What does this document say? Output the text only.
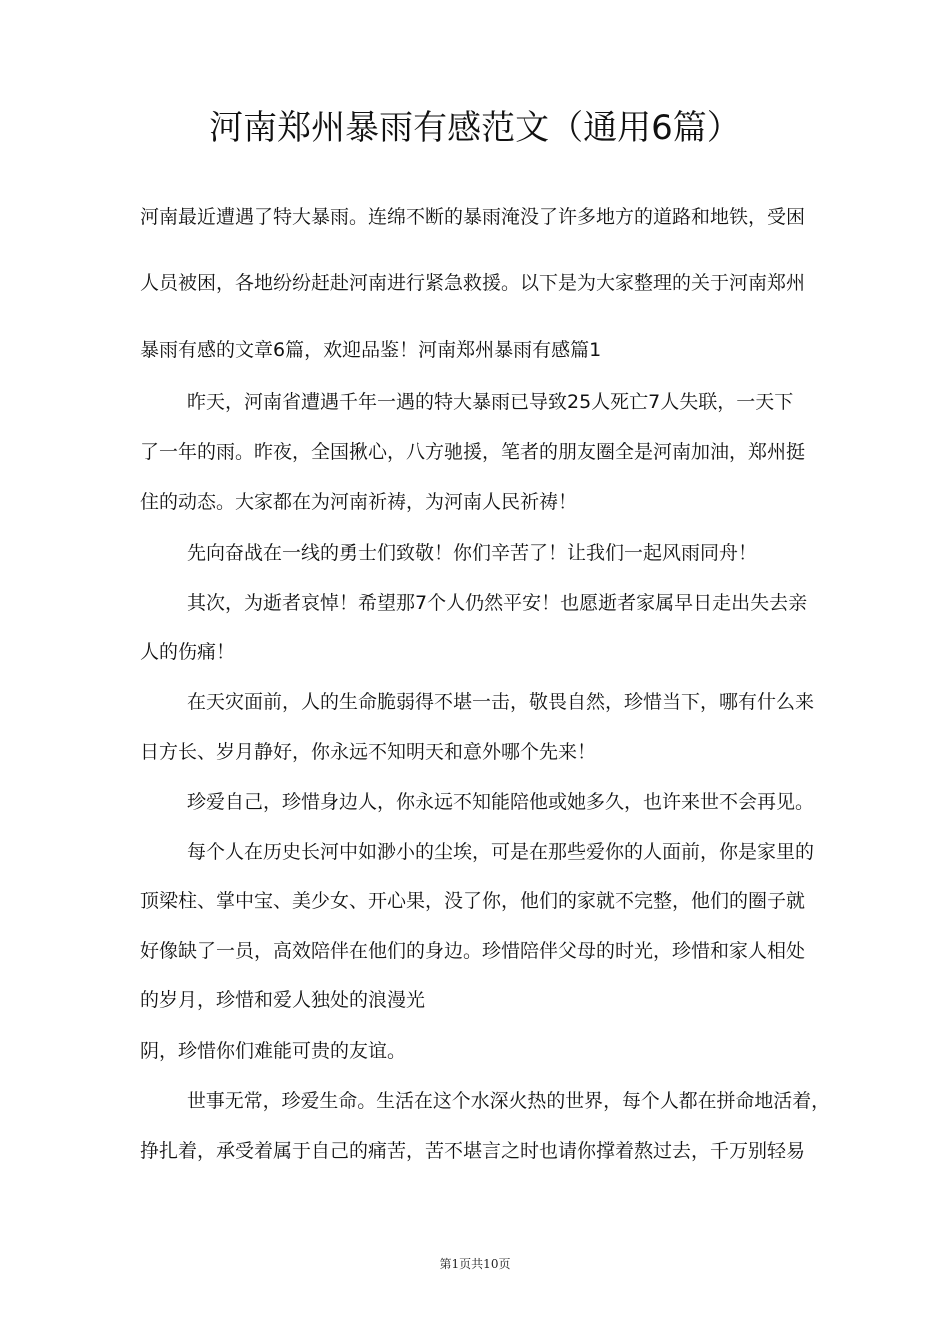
河南郑州暴雨有感范文（通用6篇）
河南最近遭遇了特大暴雨。连绵不断的暴雨淹没了许多地方的道路和地铁，受困
人员被困，各地纷纷赶赴河南进行紧急救援。以下是为大家整理的关于河南郑州
暴雨有感的文章6篇，欢迎品鉴！河南郑州暴雨有感篇1
昨天，河南省遭遇千年一遇的特大暴雨已导致25人死亡7人失联，一天下
了一年的雨。昨夜，全国揪心，八方驰援，笔者的朋友圈全是河南加油，郑州挺
住的动态。大家都在为河南祈祷，为河南人民祈祷！
先向奋战在一线的勇士们致敬！你们辛苦了！让我们一起风雨同舟！
其次，为逝者哀悼！希望那7个人仍然平安！也愿逝者家属早日走出失去亲
人的伤痛！
在天灾面前，人的生命脆弱得不堪一击，敬畏自然，珍惜当下，哪有什么来
日方长、岁月静好，你永远不知明天和意外哪个先来！
珍爱自己，珍惜身边人，你永远不知能陪他或她多久，也许来世不会再见。
每个人在历史长河中如渺小的尘埃，可是在那些爱你的人面前，你是家里的
顶梁柱、掌中宝、美少女、开心果，没了你，他们的家就不完整，他们的圈子就
好像缺了一员，高效陪伴在他们的身边。珍惜陪伴父母的时光，珍惜和家人相处
的岁月，珍惜和爱人独处的浪漫光
阴，珍惜你们难能可贵的友谊。
世事无常，珍爱生命。生活在这个水深火热的世界，每个人都在拼命地活着，
挣扎着，承受着属于自己的痛苦，苦不堪言之时也请你撑着熬过去，千万别轻易
第1页共10页
